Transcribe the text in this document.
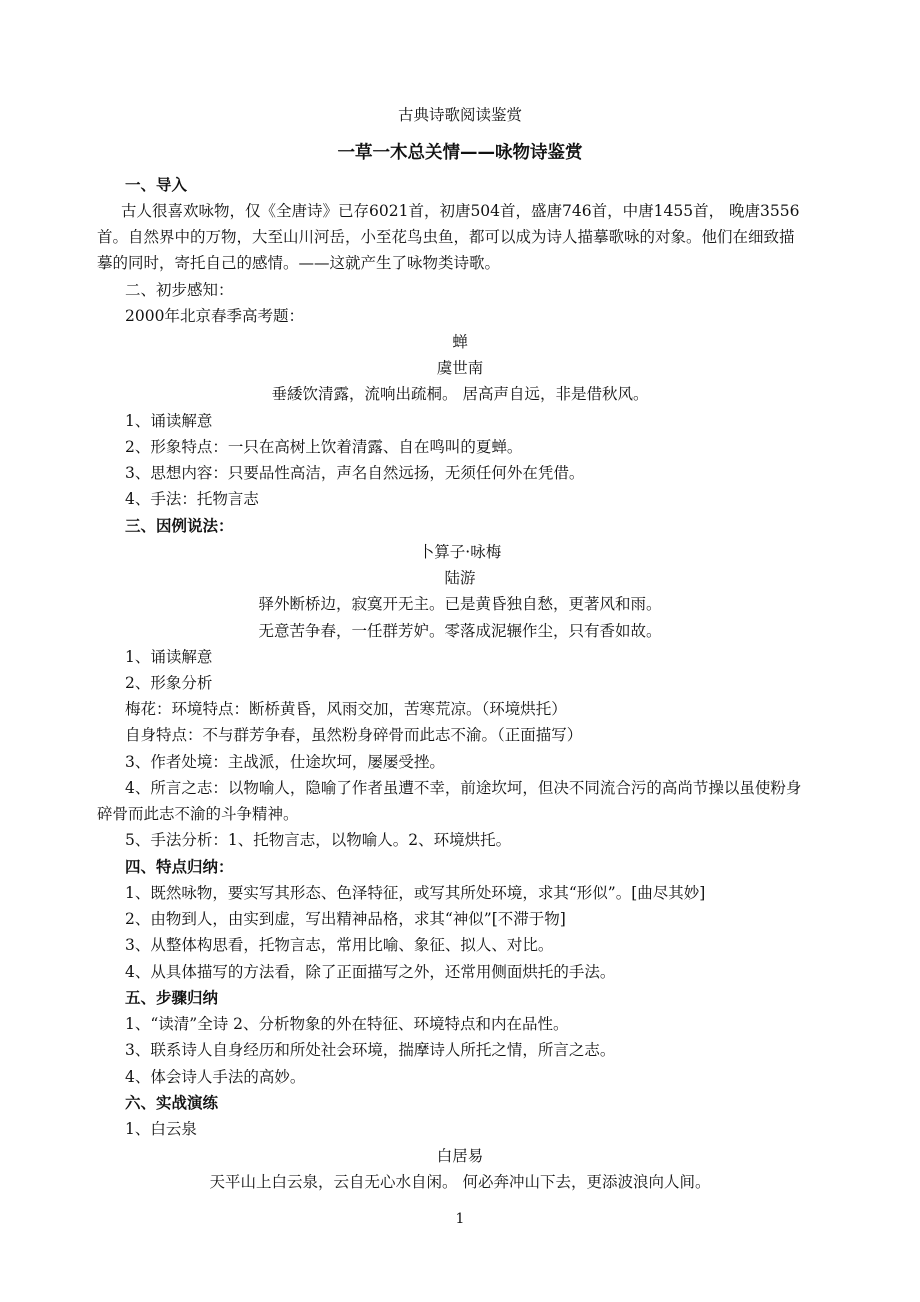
古典诗歌阅读鉴赏
一草一木总关情——咏物诗鉴赏
一、导入
古人很喜欢咏物，仅《全唐诗》已存6021首，初唐504首，盛唐746首，中唐1455首， 晚唐3556
首。自然界中的万物，大至山川河岳，小至花鸟虫鱼，都可以成为诗人描摹歌咏的对象。他们在细致描
摹的同时，寄托自己的感情。——这就产生了咏物类诗歌。
二、初步感知：
2000年北京春季高考题：
蝉
虞世南
垂緌饮清露，流响出疏桐。 居高声自远，非是借秋风。
1、诵读解意
2、形象特点：一只在高树上饮着清露、自在鸣叫的夏蝉。
3、思想内容：只要品性高洁，声名自然远扬，无须任何外在凭借。
4、手法：托物言志
三、因例说法：
卜算子·咏梅
陆游
驿外断桥边，寂寞开无主。已是黄昏独自愁，更著风和雨。
无意苦争春，一任群芳妒。零落成泥辗作尘，只有香如故。
1、诵读解意
2、形象分析
梅花：环境特点：断桥黄昏，风雨交加，苦寒荒凉。（环境烘托）
自身特点：不与群芳争春，虽然粉身碎骨而此志不渝。（正面描写）
3、作者处境：主战派，仕途坎坷，屡屡受挫。
4、所言之志：以物喻人，隐喻了作者虽遭不幸，前途坎坷，但决不同流合污的高尚节操以虽使粉身
碎骨而此志不渝的斗争精神。
5、手法分析：1、托物言志，以物喻人。2、环境烘托。
四、特点归纳：
1、既然咏物，要实写其形态、色泽特征，或写其所处环境，求其“形似”。[曲尽其妙]
2、由物到人，由实到虚，写出精神品格，求其“神似”[不滞于物]
3、从整体构思看，托物言志，常用比喻、象征、拟人、对比。
4、从具体描写的方法看，除了正面描写之外，还常用侧面烘托的手法。
五、步骤归纳
1、“读清”全诗 2、分析物象的外在特征、环境特点和内在品性。
3、联系诗人自身经历和所处社会环境，揣摩诗人所托之情，所言之志。
4、体会诗人手法的高妙。
六、实战演练
1、白云泉
白居易
天平山上白云泉，云自无心水自闲。 何必奔冲山下去，更添波浪向人间。
1
